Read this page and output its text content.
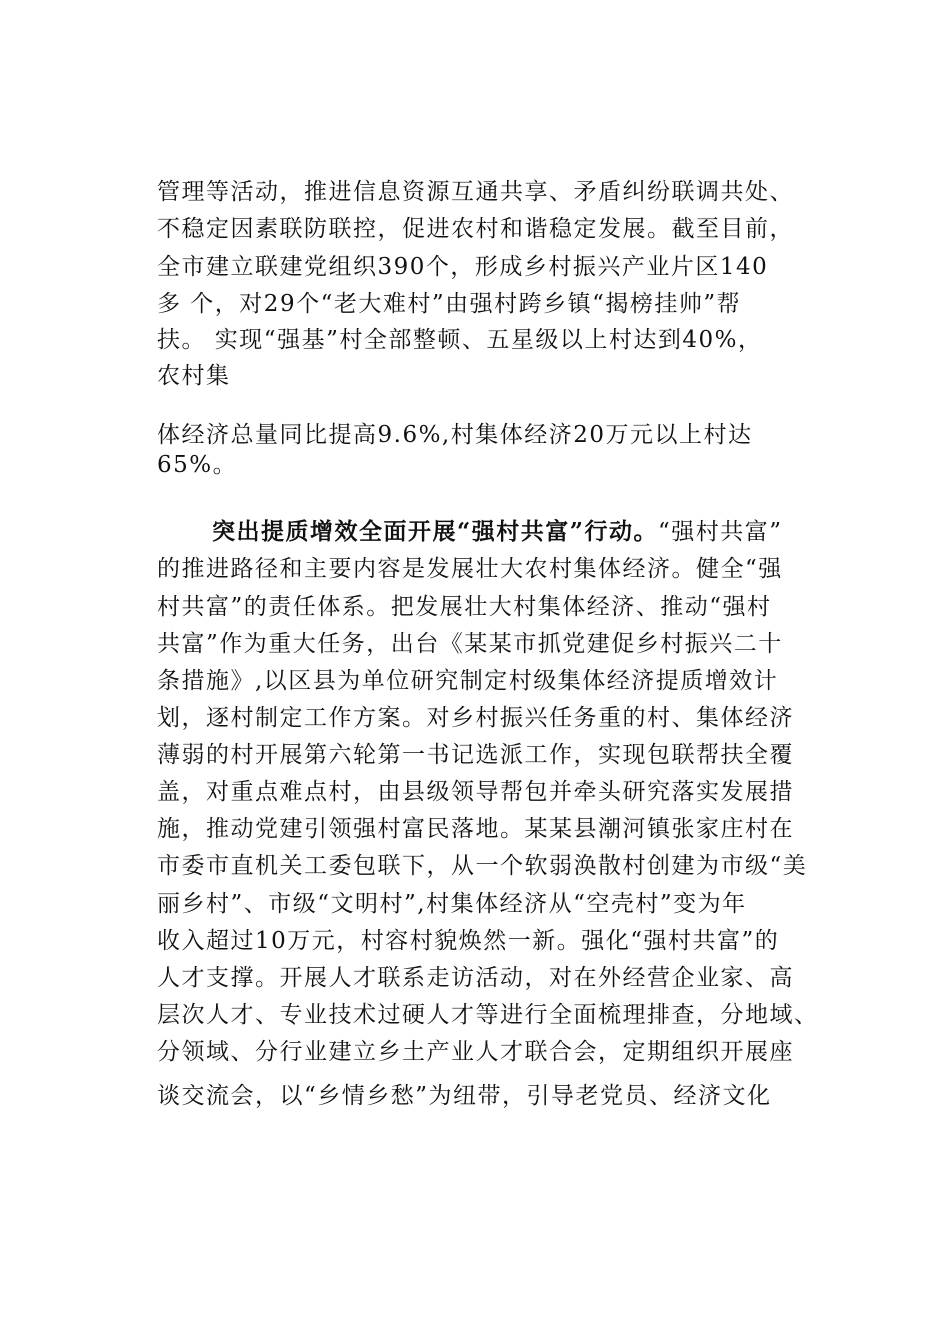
管理等活动，推进信息资源互通共享、矛盾纠纷联调共处、
不稳定因素联防联控，促进农村和谐稳定发展。截至目前，
全市建立联建党组织390个，形成乡村振兴产业片区140
多 个，对29个“老大难村”由强村跨乡镇“揭榜挂帅”帮
扶。 实现“强基”村全部整顿、五星级以上村达到40%，
农村集
体经济总量同比提高9.6%,村集体经济20万元以上村达
65%。
突出提质增效全面开展“强村共富”行动。“强村共富”
的推进路径和主要内容是发展壮大农村集体经济。健全“强
村共富”的责任体系。把发展壮大村集体经济、推动“强村
共富”作为重大任务，出台《某某市抓党建促乡村振兴二十
条措施》,以区县为单位研究制定村级集体经济提质增效计
划，逐村制定工作方案。对乡村振兴任务重的村、集体经济
薄弱的村开展第六轮第一书记选派工作，实现包联帮扶全覆
盖，对重点难点村，由县级领导帮包并牵头研究落实发展措
施，推动党建引领强村富民落地。某某县潮河镇张家庄村在
市委市直机关工委包联下，从一个软弱涣散村创建为市级“美
丽乡村”、市级“文明村”,村集体经济从“空壳村”变为年
收入超过10万元，村容村貌焕然一新。强化“强村共富”的
人才支撑。开展人才联系走访活动，对在外经营企业家、高
层次人才、专业技术过硬人才等进行全面梳理排查，分地域、
分领域、分行业建立乡土产业人才联合会，定期组织开展座
谈交流会，以“乡情乡愁”为纽带，引导老党员、经济文化
